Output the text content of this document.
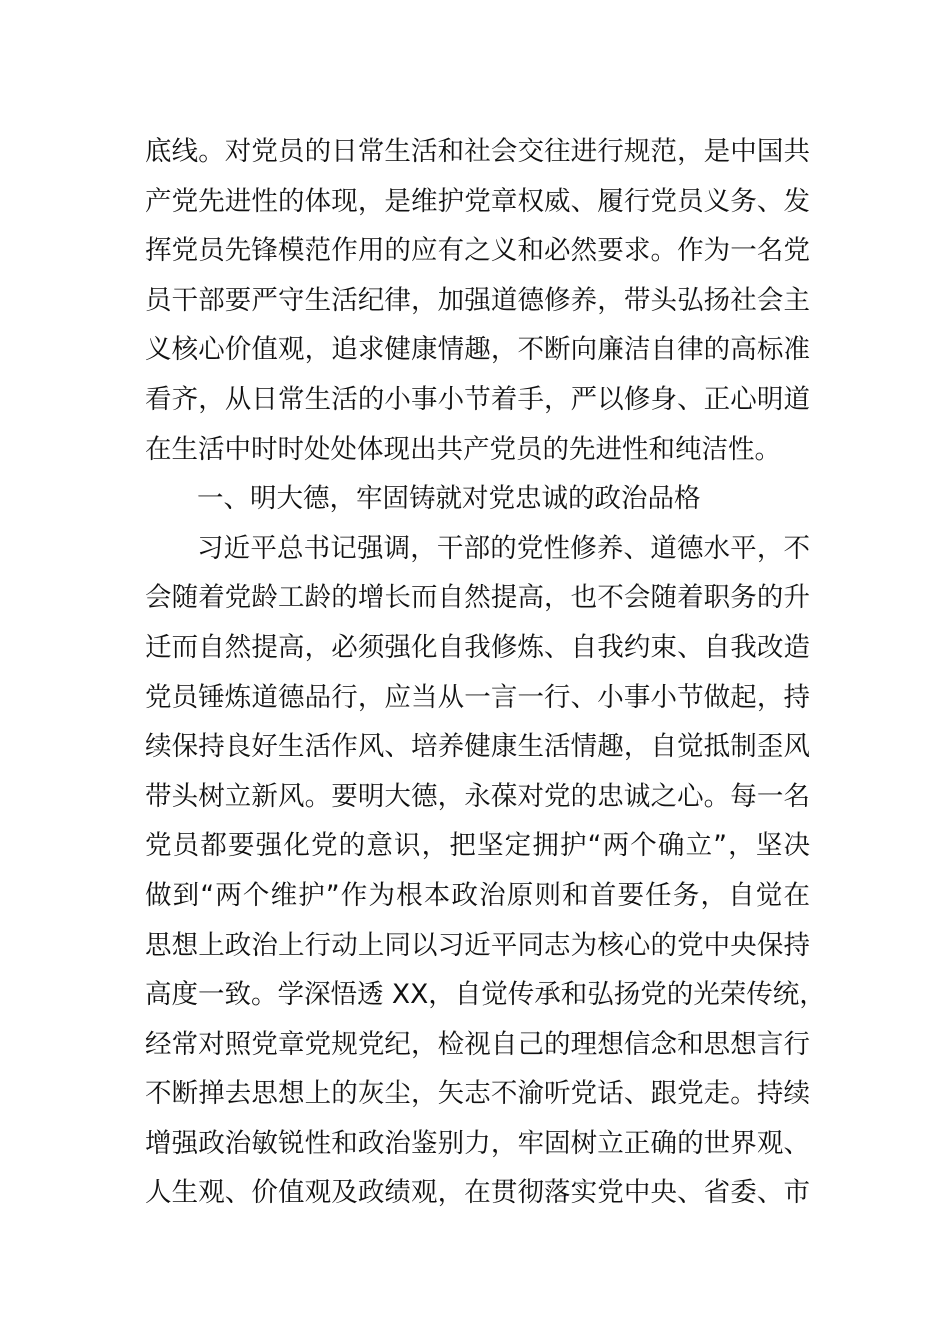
底线。对党员的日常生活和社会交往进行规范，是中国共
产党先进性的体现，是维护党章权威、履行党员义务、发
挥党员先锋模范作用的应有之义和必然要求。作为一名党
员干部要严守生活纪律，加强道德修养，带头弘扬社会主
义核心价值观，追求健康情趣，不断向廉洁自律的高标准
看齐，从日常生活的小事小节着手，严以修身、正心明道
在生活中时时处处体现出共产党员的先进性和纯洁性。
一、明大德，牢固铸就对党忠诚的政治品格
习近平总书记强调，干部的党性修养、道德水平，不
会随着党龄工龄的增长而自然提高，也不会随着职务的升
迁而自然提高，必须强化自我修炼、自我约束、自我改造
党员锤炼道德品行，应当从一言一行、小事小节做起，持
续保持良好生活作风、培养健康生活情趣，自觉抵制歪风
带头树立新风。要明大德，永葆对党的忠诚之心。每一名
党员都要强化党的意识，把坚定拥护“两个确立”，坚决
做到“两个维护”作为根本政治原则和首要任务，自觉在
思想上政治上行动上同以习近平同志为核心的党中央保持
高度一致。学深悟透 XX，自觉传承和弘扬党的光荣传统，
经常对照党章党规党纪，检视自己的理想信念和思想言行
不断掸去思想上的灰尘，矢志不渝听党话、跟党走。持续
增强政治敏锐性和政治鉴别力，牢固树立正确的世界观、
人生观、价值观及政绩观，在贯彻落实党中央、省委、市
